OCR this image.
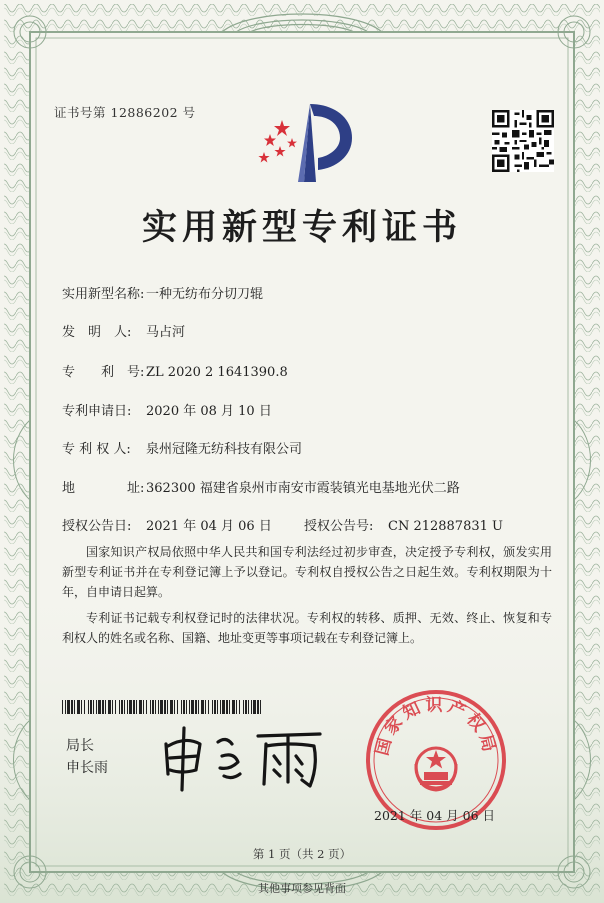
证书号第 12886202 号
实用新型专利证书
实用新型名称: 一种无纺布分切刀辊
发　明　人: 马占河
专　　利　号: ZL 2020 2 1641390.8
专利申请日: 2020 年 08 月 10 日
专 利 权 人: 泉州冠隆无纺科技有限公司
地　　　　址: 362300 福建省泉州市南安市霞装镇光电基地光伏二路
授权公告日: 2021 年 04 月 06 日 授权公告号: CN 212887831 U

国家知识产权局依照中华人民共和国专利法经过初步审查，决定授予专利权，颁发实用新型专利证书并在专利登记簿上予以登记。专利权自授权公告之日起生效。专利权期限为十年，自申请日起算。

专利证书记载专利权登记时的法律状况。专利权的转移、质押、无效、终止、恢复和专利权人的姓名或名称、国籍、地址变更等事项记载在专利登记簿上。

局长
申长雨
国家知识产权局
2021 年 04 月 06 日
第 1 页（共 2 页）
其他事项参见背面
